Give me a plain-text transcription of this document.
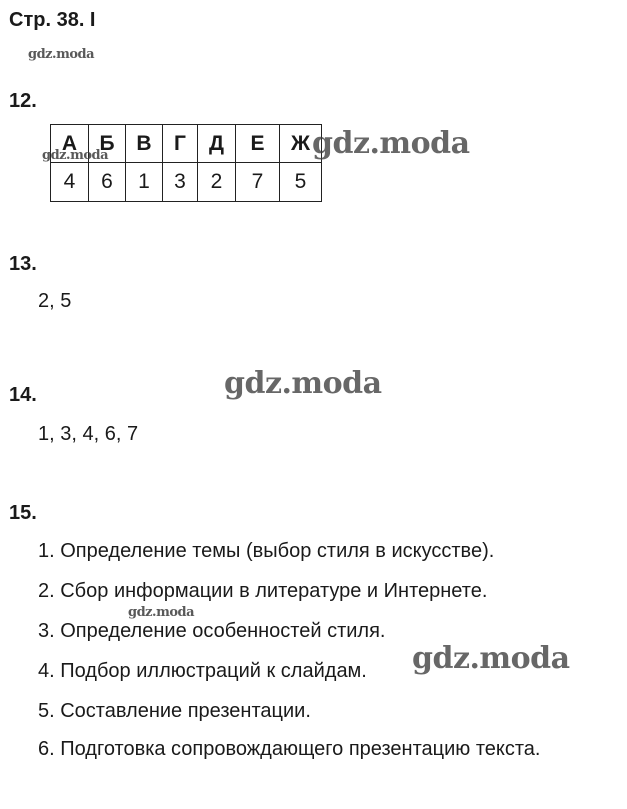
Стр. 38. I
gdz.moda
12.
А	Б	В	Г	Д	Е	Ж
4	6	1	3	2	7	5
gdz.moda	gdz.moda
13.
2, 5
gdz.moda
14.
1, 3, 4, 6, 7
15.
1. Определение темы (выбор стиля в искусстве).
2. Сбор информации в литературе и Интернете.
gdz.moda
3. Определение особенностей стиля.
4. Подбор иллюстраций к слайдам. gdz.moda
5. Составление презентации.
6. Подготовка сопровождающего презентацию текста.
